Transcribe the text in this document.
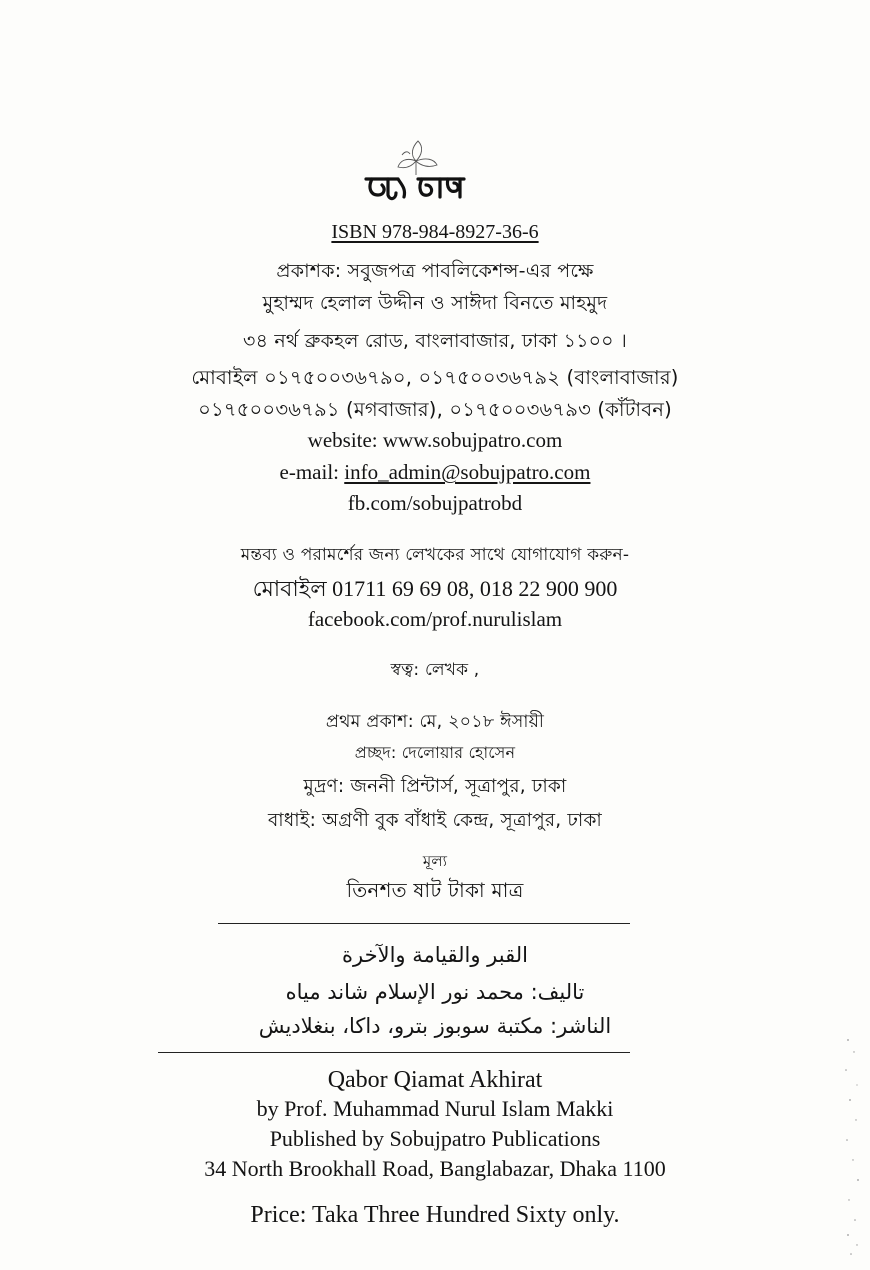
ISBN 978-984-8927-36-6
প্রকাশক: সবুজপত্র পাবলিকেশন্স-এর পক্ষে
মুহাম্মদ হেলাল উদ্দীন ও সাঈদা বিনতে মাহমুদ
৩৪ নর্থ ব্রুকহল রোড, বাংলাবাজার, ঢাকা ১১০০ ।
মোবাইল ০১৭৫০০৩৬৭৯০, ০১৭৫০০৩৬৭৯২ (বাংলাবাজার)
০১৭৫০০৩৬৭৯১ (মগবাজার), ০১৭৫০০৩৬৭৯৩ (কাঁটাবন)
website: www.sobujpatro.com
e-mail: info_admin@sobujpatro.com
fb.com/sobujpatrobd
মন্তব্য ও পরামর্শের জন্য লেখকের সাথে যোগাযোগ করুন-
মোবাইল 01711 69 69 08, 018 22 900 900
facebook.com/prof.nurulislam
স্বত্ব: লেখক ,
প্রথম প্রকাশ: মে, ২০১৮ ঈসায়ী
প্রচ্ছদ: দেলোয়ার হোসেন
মুদ্রণ: জননী প্রিন্টার্স, সূত্রাপুর, ঢাকা
বাধাই: অগ্রণী বুক বাঁধাই কেন্দ্র, সূত্রাপুর, ঢাকা
মূল্য
তিনশত ষাট টাকা মাত্র
القبر والقيامة والآخرة
تاليف: محمد نور الإسلام شاند مياه
الناشر: مكتبة سوبوز بترو، داكا، بنغلاديش
Qabor Qiamat Akhirat
by Prof. Muhammad Nurul Islam Makki
Published by Sobujpatro Publications
34 North Brookhall Road, Banglabazar, Dhaka 1100
Price: Taka Three Hundred Sixty only.
